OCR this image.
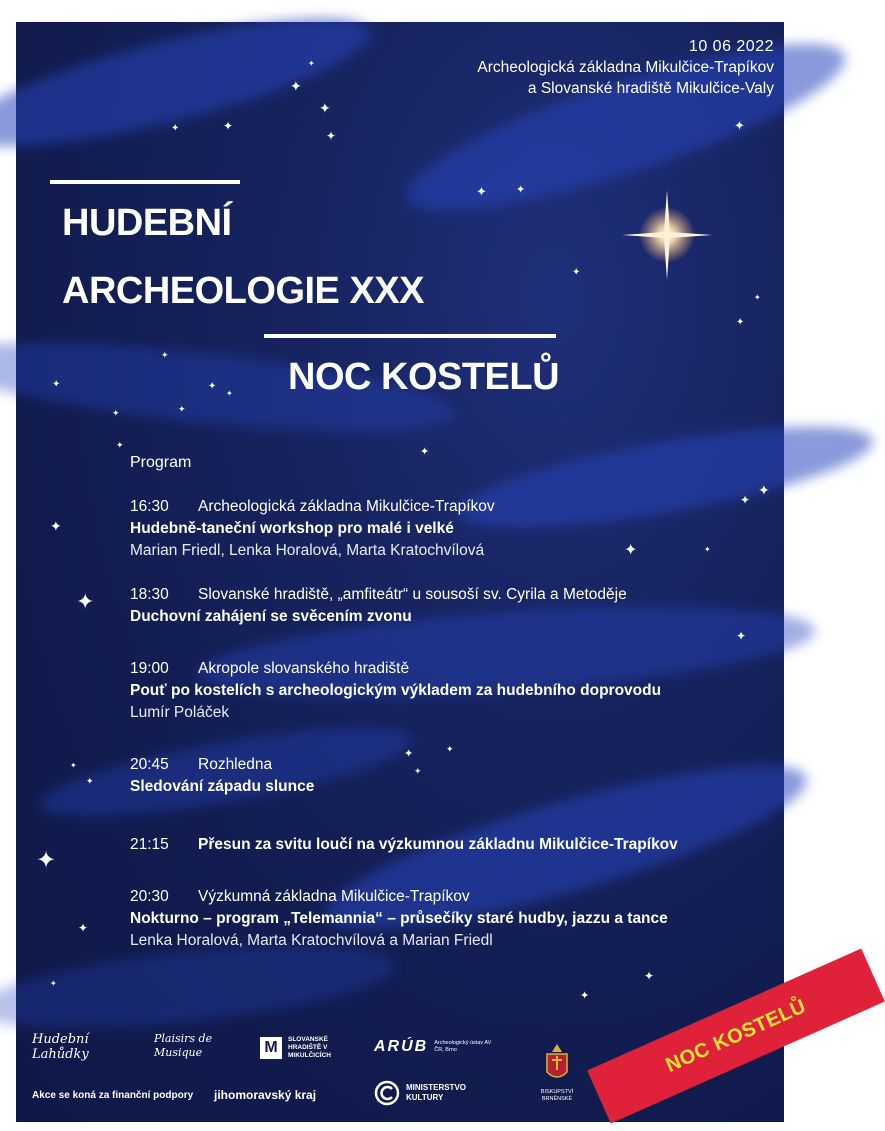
✦
✦
✦
✦
✦
✦
✦
✦
✦
✦
✦
✦
✦
✦	✦
✦
✦
✦
✦	✦
✦
✦
✦
✦	✦
✦
✦
✦	✦
✦
✦
✦
✦
✦
✦
✦
✦
10 06 2022
Archeologická základna Mikulčice-Trapíkov
a Slovanské hradiště Mikulčice-Valy
HUDEBNÍ
ARCHEOLOGIE XXX
NOC KOSTELŮ
Program
16:30 Archeologická základna Mikulčice-Trapíkov
Hudebně-taneční workshop pro malé i velké
Marian Friedl, Lenka Horalová, Marta Kratochvílová
18:30 Slovanské hradiště, „amfiteátr“ u sousoší sv. Cyrila a Metoděje
Duchovní zahájení se svěcením zvonu
19:00 Akropole slovanského hradiště
Pouť po kostelích s archeologickým výkladem za hudebního doprovodu
Lumír Poláček
20:45 Rozhledna
Sledování západu slunce
21:15 Přesun za svitu loučí na výzkumnou základnu Mikulčice-Trapíkov
20:30 Výzkumná základna Mikulčice-Trapíkov
Nokturno – program „Telemannia“ – průsečíky staré hudby, jazzu a tance
Lenka Horalová, Marta Kratochvílová a Marian Friedl
NOC KOSTELŮ
Hudební Lahůdky
Plaisirs de Musique	M	SLOVANSKÉ HRADIŠTĚ V MIKULČICÍCH
ARÚB Archeologický ústav AV ČR, Brno
BISKUPSTVÍ BRNĚNSKÉ
Akce se koná za finanční podpory jihomoravský kraj
MINISTERSTVO KULTURY
